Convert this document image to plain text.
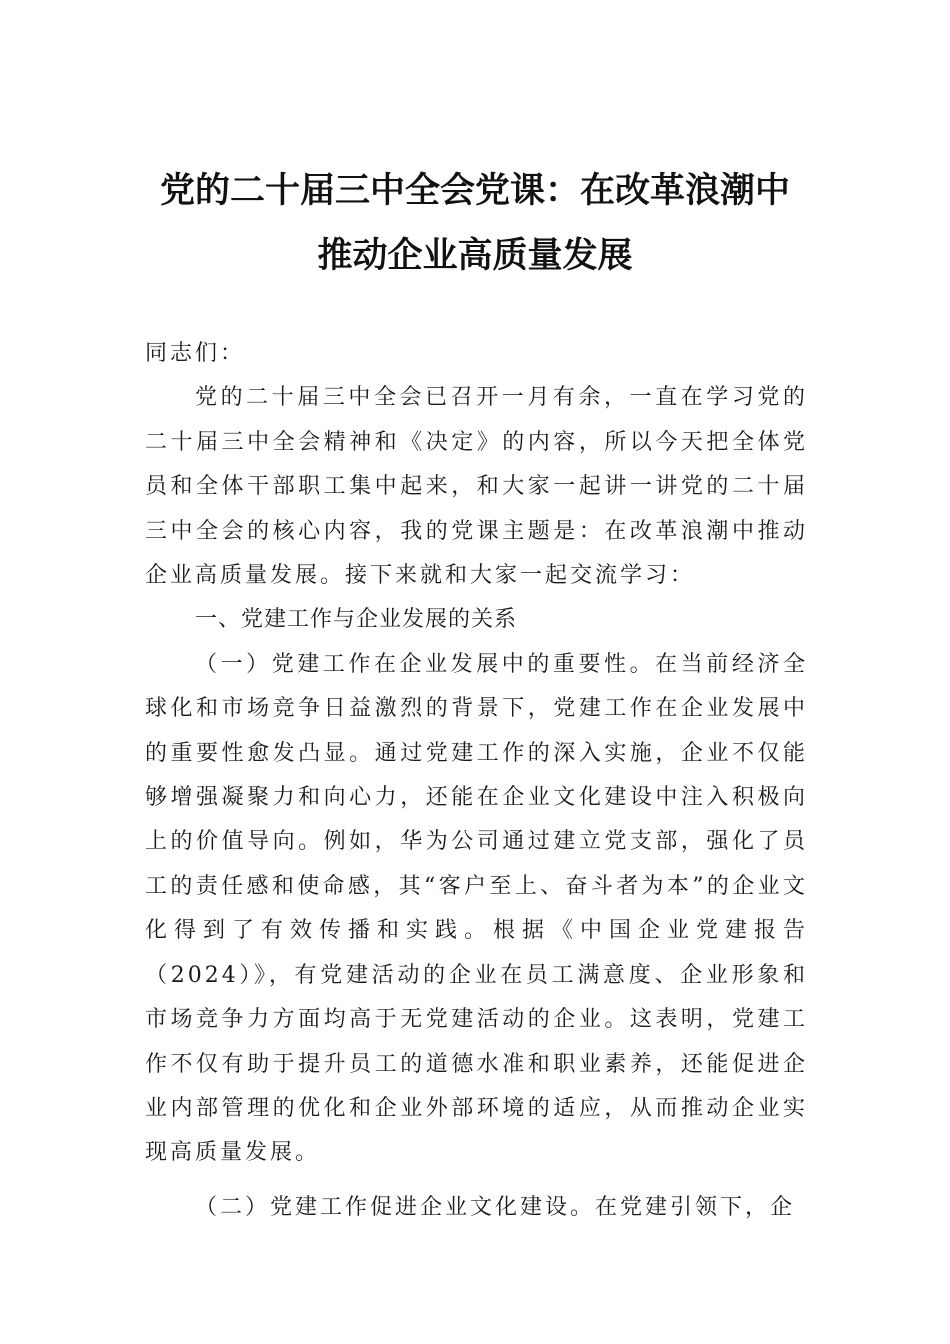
党的二十届三中全会党课：在改革浪潮中
推动企业高质量发展

同志们：

党的二十届三中全会已召开一月有余，一直在学习党的二十届三中全会精神和《决定》的内容，所以今天把全体党员和全体干部职工集中起来，和大家一起讲一讲党的二十届三中全会的核心内容，我的党课主题是：在改革浪潮中推动企业高质量发展。接下来就和大家一起交流学习：

一、党建工作与企业发展的关系

（一）党建工作在企业发展中的重要性。在当前经济全球化和市场竞争日益激烈的背景下，党建工作在企业发展中的重要性愈发凸显。通过党建工作的深入实施，企业不仅能够增强凝聚力和向心力，还能在企业文化建设中注入积极向上的价值导向。例如，华为公司通过建立党支部，强化了员工的责任感和使命感，其“客户至上、奋斗者为本”的企业文化得到了有效传播和实践。根据《中国企业党建报告（2024）》，有党建活动的企业在员工满意度、企业形象和市场竞争力方面均高于无党建活动的企业。这表明，党建工作不仅有助于提升员工的道德水准和职业素养，还能促进企业内部管理的优化和企业外部环境的适应，从而推动企业实现高质量发展。

（二）党建工作促进企业文化建设。在党建引领下，企
